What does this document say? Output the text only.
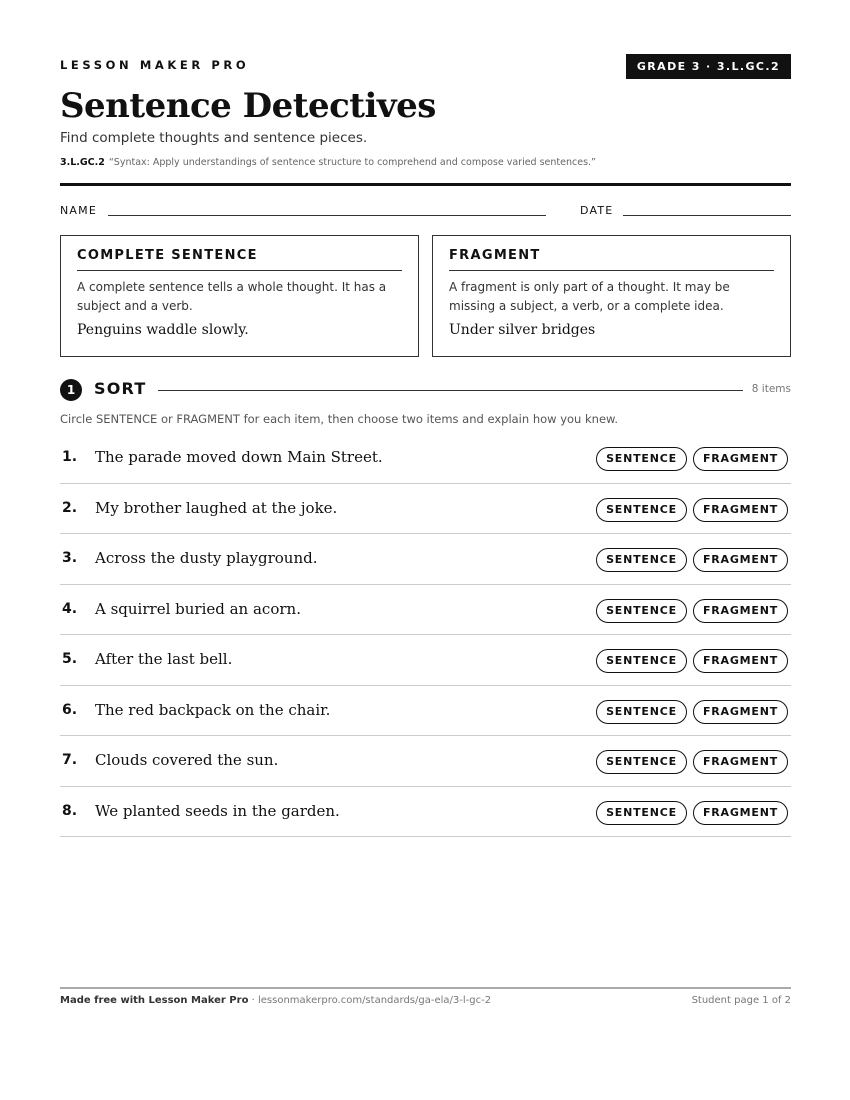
LESSON MAKER PRO	GRADE 3 · 3.L.GC.2
Sentence Detectives
Find complete thoughts and sentence pieces.
3.L.GC.2 “Syntax: Apply understandings of sentence structure to comprehend and compose varied sentences.”
NAME	DATE
COMPLETE SENTENCE
A complete sentence tells a whole thought. It has a subject and a verb.
Penguins waddle slowly.
FRAGMENT
A fragment is only part of a thought. It may be missing a subject, a verb, or a complete idea.
Under silver bridges
1	SORT	8 items
Circle SENTENCE or FRAGMENT for each item, then choose two items and explain how you knew.
1. The parade moved down Main Street.	SENTENCE	FRAGMENT
2. My brother laughed at the joke.	SENTENCE	FRAGMENT
3. Across the dusty playground.	SENTENCE	FRAGMENT
4. A squirrel buried an acorn.	SENTENCE	FRAGMENT
5. After the last bell.	SENTENCE	FRAGMENT
6. The red backpack on the chair.	SENTENCE	FRAGMENT
7. Clouds covered the sun.	SENTENCE	FRAGMENT
8. We planted seeds in the garden.	SENTENCE	FRAGMENT
Made free with Lesson Maker Pro · lessonmakerpro.com/standards/ga-ela/3-l-gc-2	Student page 1 of 2
